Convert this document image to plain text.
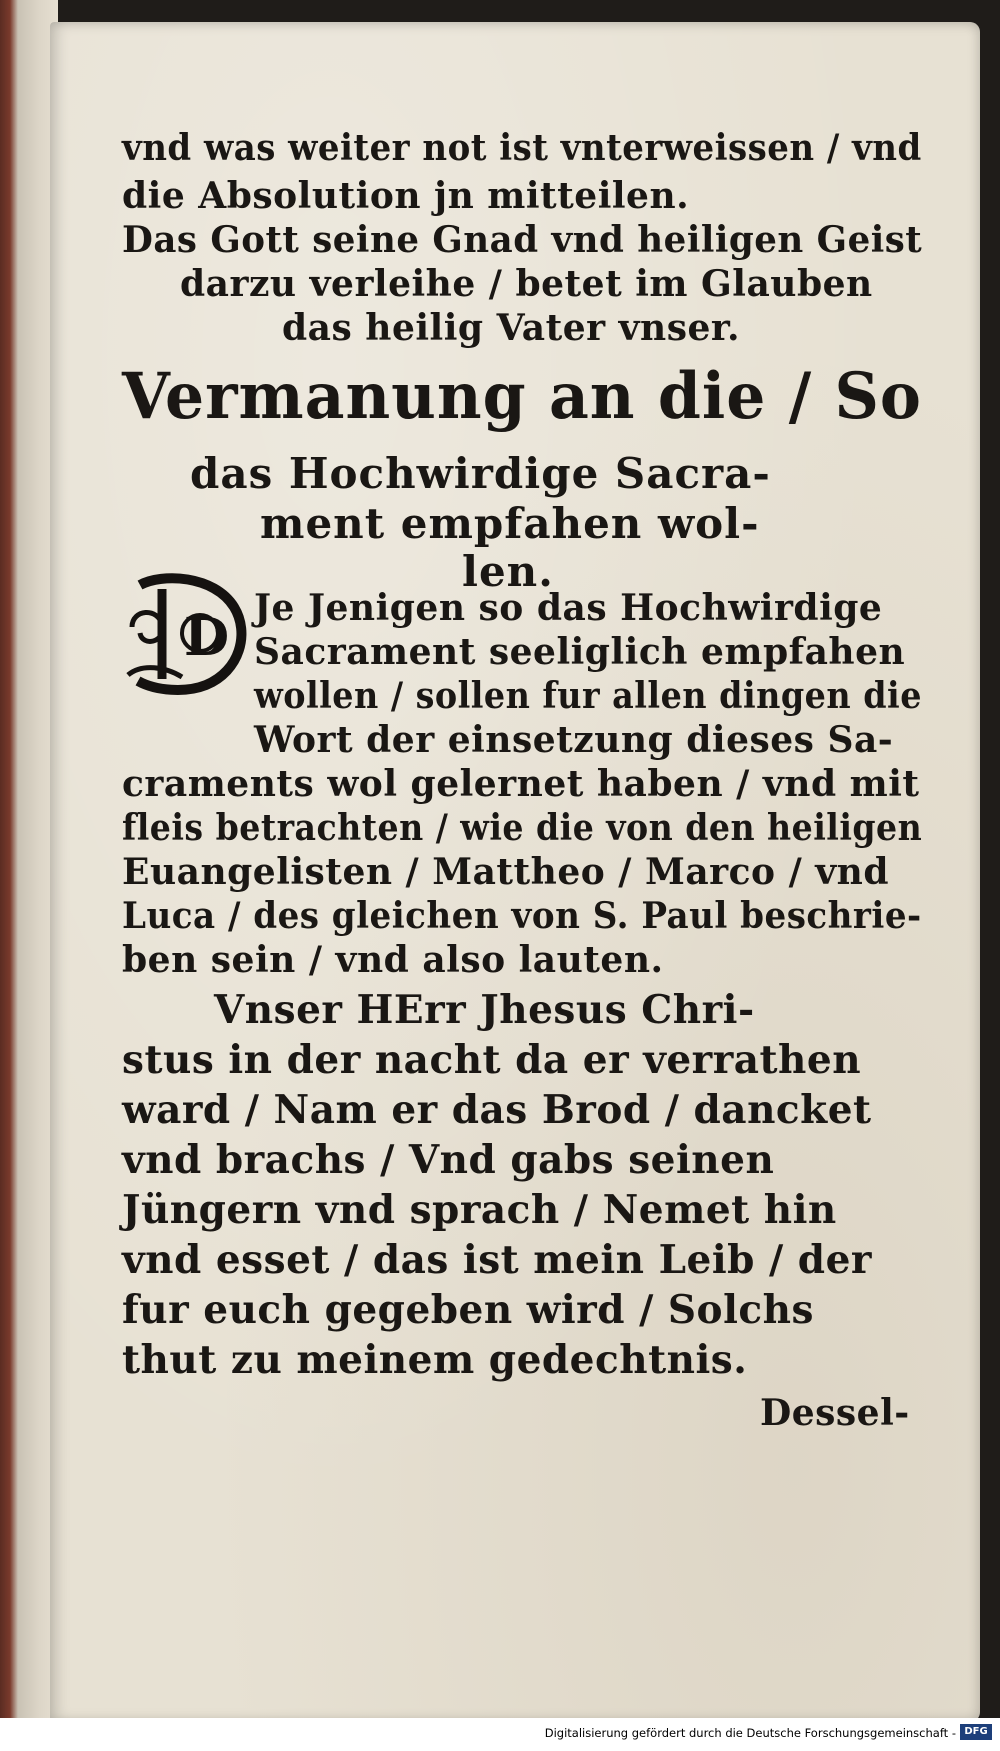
vnd was weiter not ist vnterweissen / vnd
die Absolution jn mitteilen.
Das Gott seine Gnad vnd heiligen Geist
darzu verleihe / betet im Glauben
das heilig Vater vnser.
Vermanung an die / So
das Hochwirdige Sacra-
ment empfahen wol-
len.
D Je Jenigen so das Hochwirdige
Sacrament seeliglich empfahen
wollen / sollen fur allen dingen die
Wort der einsetzung dieses Sa-
craments wol gelernet haben / vnd mit
fleis betrachten / wie die von den heiligen
Euangelisten / Mattheo / Marco / vnd
Luca / des gleichen von S. Paul beschrie-
ben sein / vnd also lauten.
Vnser HErr Jhesus Chri-
stus in der nacht da er verrathen
ward / Nam er das Brod / dancket
vnd brachs / Vnd gabs seinen
Jüngern vnd sprach / Nemet hin
vnd esset / das ist mein Leib / der
fur euch gegeben wird / Solchs
thut zu meinem gedechtnis.
Dessel-
Digitalisierung gefördert durch die Deutsche Forschungsgemeinschaft - DFG
